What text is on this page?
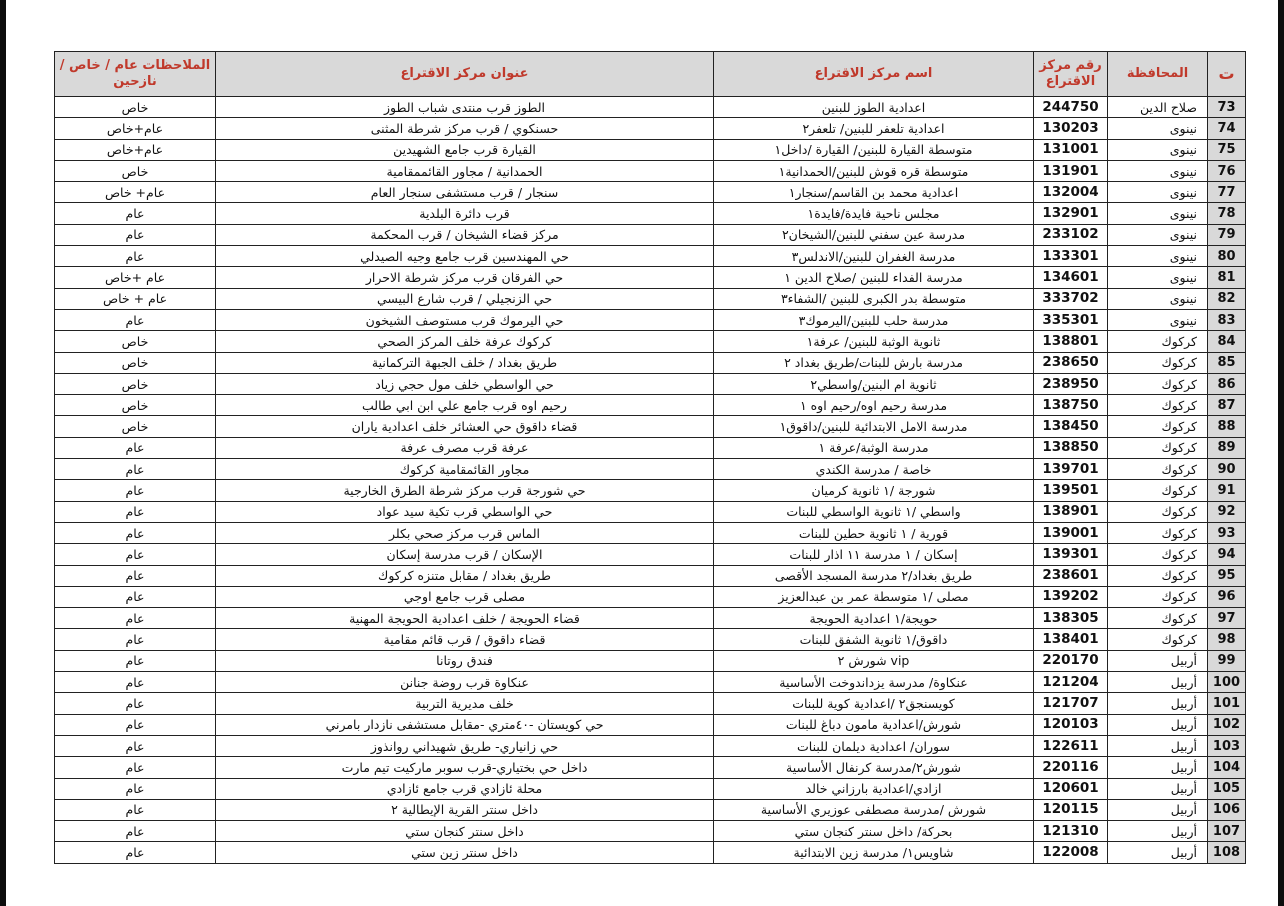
ت	المحافظة	رقم مركز الاقتراع	اسم مركز الاقتراع	عنوان مركز الاقتراع	الملاحظات عام / خاص / نازحين
73	صلاح الدين	244750	اعدادية الطوز للبنين	الطوز قرب منتدى شباب الطوز	خاص
74	نينوى	130203	اعدادية تلعفر للبنين/ تلعفر٢	حسنكوي / قرب مركز شرطة المثنى	عام+خاص
75	نينوى	131001	متوسطة القيارة للبنين/ القيارة /داخل١	القيارة قرب جامع الشهيدين	عام+خاص
76	نينوى	131901	متوسطة قره قوش للبنين/الحمدانية١	الحمدانية / مجاور القائممقامية	خاص
77	نينوى	132004	اعدادية محمد بن القاسم/سنجار١	سنجار / قرب مستشفى سنجار العام	عام+ خاص
78	نينوى	132901	مجلس ناحية فايدة/فايدة١	قرب دائرة البلدية	عام
79	نينوى	233102	مدرسة عين سفني للبنين/الشيخان٢	مركز قضاء الشيخان / قرب المحكمة	عام
80	نينوى	133301	مدرسة الغفران للبنين/الاندلس٣	حي المهندسين قرب جامع وجيه الصيدلي	عام
81	نينوى	134601	مدرسة الفداء للبنين /صلاح الدين ١	حي الفرقان قرب مركز شرطة الاحرار	عام +خاص
82	نينوى	333702	متوسطة بدر الكبرى للبنين /الشفاء٣	حي الزنجيلي / قرب شارع البيسي	عام + خاص
83	نينوى	335301	مدرسة حلب للبنين/اليرموك٣	حي اليرموك قرب مستوصف الشيخون	عام
84	كركوك	138801	ثانوية الوثبة للبنين/ عرفة١	كركوك عرفة خلف المركز الصحي	خاص
85	كركوك	238650	مدرسة بارش للبنات/طريق بغداد ٢	طريق بغداد / خلف الجبهة التركمانية	خاص
86	كركوك	238950	ثانوية ام البنين/واسطي٢	حي الواسطي خلف مول حجي زياد	خاص
87	كركوك	138750	مدرسة رحيم اوه/رحيم اوه ١	رحيم اوه قرب جامع علي ابن ابي طالب	خاص
88	كركوك	138450	مدرسة الامل الابتدائية للبنين/داقوق١	قضاء داقوق حي العشائر خلف اعدادية ياران	خاص
89	كركوك	138850	مدرسة الوثبة/عرفة ١	عرفة قرب مصرف عرفة	عام
90	كركوك	139701	خاصة / مدرسة الكندي	مجاور القائمقامية كركوك	عام
91	كركوك	139501	شورجة /١ ثانوية كرميان	حي شورجة قرب مركز شرطة الطرق الخارجية	عام
92	كركوك	138901	واسطي /١ ثانوية الواسطي للبنات	حي الواسطي قرب تكية سيد عواد	عام
93	كركوك	139001	قورية / ١ ثانوية حطين للبنات	الماس قرب مركز صحي بكلر	عام
94	كركوك	139301	إسكان / ١ مدرسة ١١ اذار للبنات	الإسكان / قرب مدرسة إسكان	عام
95	كركوك	238601	طريق بغداد/٢ مدرسة المسجد الأقصى	طريق بغداد / مقابل متنزه كركوك	عام
96	كركوك	139202	مصلى /١ متوسطة عمر بن عبدالعزيز	مصلى قرب جامع اوجي	عام
97	كركوك	138305	حويجة/١ اعدادية الحويجة	قضاء الحويجة / خلف اعدادية الحويجة المهنية	عام
98	كركوك	138401	داقوق/١ ثانوية الشفق للبنات	قضاء داقوق / قرب قائم مقامية	عام
99	أربيل	220170	vip شورش ٢	فندق روتانا	عام
100	أربيل	121204	عنكاوة/ مدرسة يزداندوخت الأساسية	عنكاوة قرب روضة جنانن	عام
101	أربيل	121707	كويسنجق٢ /اعدادية كوية للبنات	خلف مديرية التربية	عام
102	أربيل	120103	شورش/اعدادية مامون دباغ للبنات	حي كويستان -٤٠متري -مقابل مستشفى نازدار بامرني	عام
103	أربيل	122611	سوران/ اعدادية ديلمان للبنات	حي زانياري- طريق شهيداني روانذوز	عام
104	أربيل	220116	شورش٢/مدرسة كرنفال الأساسية	داخل حي بختياري-قرب سوبر ماركيت تيم مارت	عام
105	أربيل	120601	ازادي/اعدادية بارزاني خالد	محلة ئازادي قرب جامع ئازادي	عام
106	أربيل	120115	شورش /مدرسة مصطفى عوزيري الأساسية	داخل سنتر القرية الإيطالية ٢	عام
107	أربيل	121310	بحركة/ داخل سنتر كنجان ستي	داخل سنتر كنجان ستي	عام
108	أربيل	122008	شاويس١/ مدرسة زين الابتدائية	داخل سنتر زين ستي	عام
